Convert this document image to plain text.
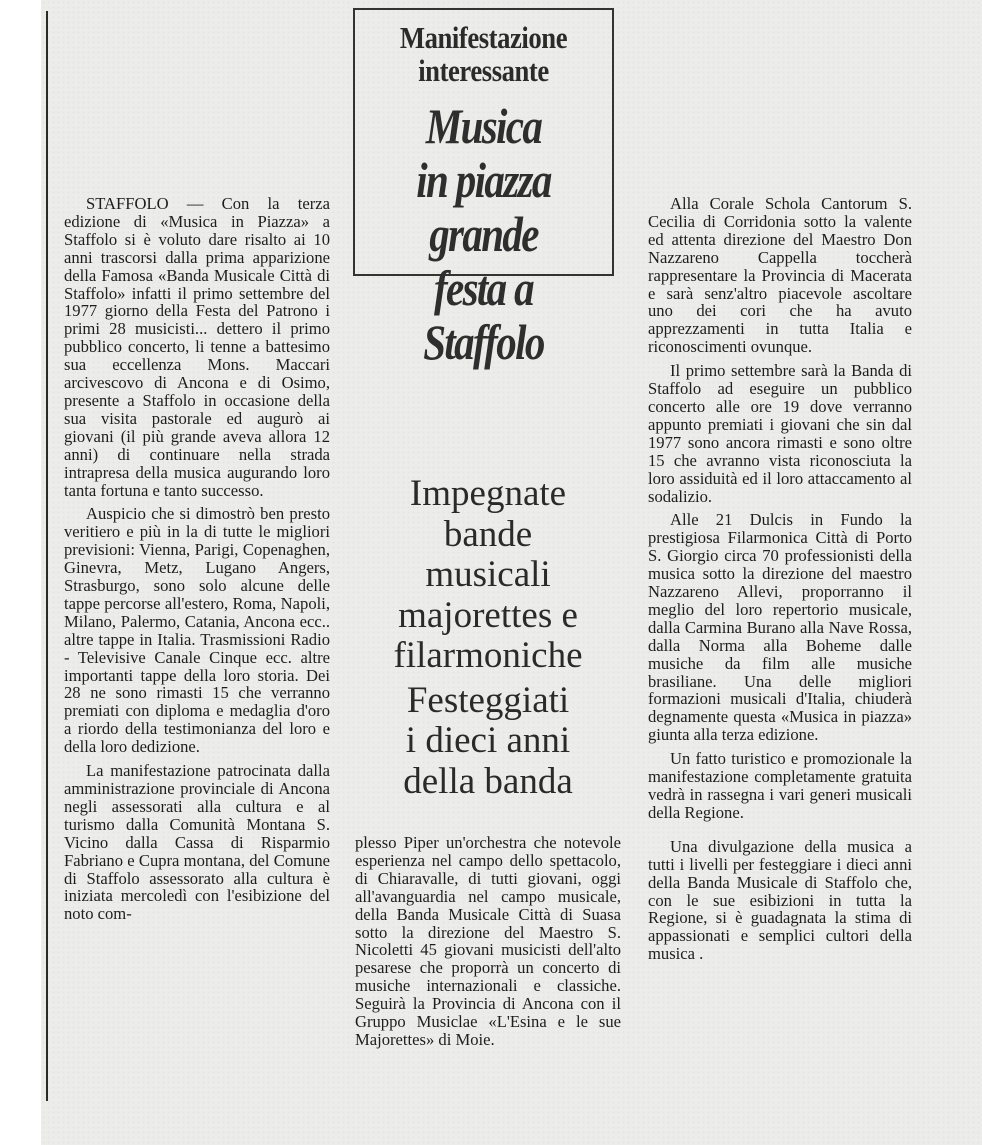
Manifestazione
interessante
Musica
in piazza
grande
festa a
Staffolo
Impegnate
bande
musicali
majorettes e
filarmoniche
Festeggiati
i dieci anni
della banda

STAFFOLO — Con la terza edizione di «Musica in Piazza» a Staffolo si è voluto dare risalto ai 10 anni trascorsi dalla prima apparizione della Famosa «Banda Musicale Città di Staffolo» infatti il primo settembre del 1977 giorno della Festa del Patrono i primi 28 musicisti... dettero il primo pubblico concerto, li tenne a battesimo sua eccellenza Mons. Maccari arcivescovo di Ancona e di Osimo, presente a Staffolo in occasione della sua visita pastorale ed augurò ai giovani (il più grande aveva allora 12 anni) di continuare nella strada intrapresa della musica augurando loro tanta fortuna e tanto successo.

Auspicio che si dimostrò ben presto veritiero e più in la di tutte le migliori previsioni: Vienna, Parigi, Copenaghen, Ginevra, Metz, Lugano Angers, Strasburgo, sono solo alcune delle tappe percorse all'estero, Roma, Napoli, Milano, Palermo, Catania, Ancona ecc.. altre tappe in Italia. Trasmissioni Radio - Televisive Canale Cinque ecc. altre importanti tappe della loro storia. Dei 28 ne sono rimasti 15 che verranno premiati con diploma e medaglia d'oro a riordo della testimonianza del loro e della loro dedizione.

La manifestazione patrocinata dalla amministrazione provinciale di Ancona negli assessorati alla cultura e al turismo dalla Comunità Montana S. Vicino dalla Cassa di Risparmio Fabriano e Cupra montana, del Comune di Staffolo assessorato alla cultura è iniziata mercoledì con l'esibizione del noto com-

plesso Piper un'orchestra che notevole esperienza nel campo dello spettacolo, di Chiaravalle, di tutti giovani, oggi all'avanguardia nel campo musicale, della Banda Musicale Città di Suasa sotto la direzione del Maestro S. Nicoletti 45 giovani musicisti dell'alto pesarese che proporrà un concerto di musiche internazionali e classiche. Seguirà la Provincia di Ancona con il Gruppo Musiclae «L'Esina e le sue Majorettes» di Moie.

Alla Corale Schola Cantorum S. Cecilia di Corridonia sotto la valente ed attenta direzione del Maestro Don Nazzareno Cappella toccherà rappresentare la Provincia di Macerata e sarà senz'altro piacevole ascoltare uno dei cori che ha avuto apprezzamenti in tutta Italia e riconoscimenti ovunque.

Il primo settembre sarà la Banda di Staffolo ad eseguire un pubblico concerto alle ore 19 dove verranno appunto premiati i giovani che sin dal 1977 sono ancora rimasti e sono oltre 15 che avranno vista riconosciuta la loro assiduità ed il loro attaccamento al sodalizio.

Alle 21 Dulcis in Fundo la prestigiosa Filarmonica Città di Porto S. Giorgio circa 70 professionisti della musica sotto la direzione del maestro Nazzareno Allevi, proporranno il meglio del loro repertorio musicale, dalla Carmina Burano alla Nave Rossa, dalla Norma alla Boheme dalle musiche da film alle musiche brasiliane. Una delle migliori formazioni musicali d'Italia, chiuderà degnamente questa «Musica in piazza» giunta alla terza edizione.

Un fatto turistico e promozionale la manifestazione completamente gratuita vedrà in rassegna i vari generi musicali della Regione.

Una divulgazione della musica a tutti i livelli per festeggiare i dieci anni della Banda Musicale di Staffolo che, con le sue esibizioni in tutta la Regione, si è guadagnata la stima di appassionati e semplici cultori della musica .
